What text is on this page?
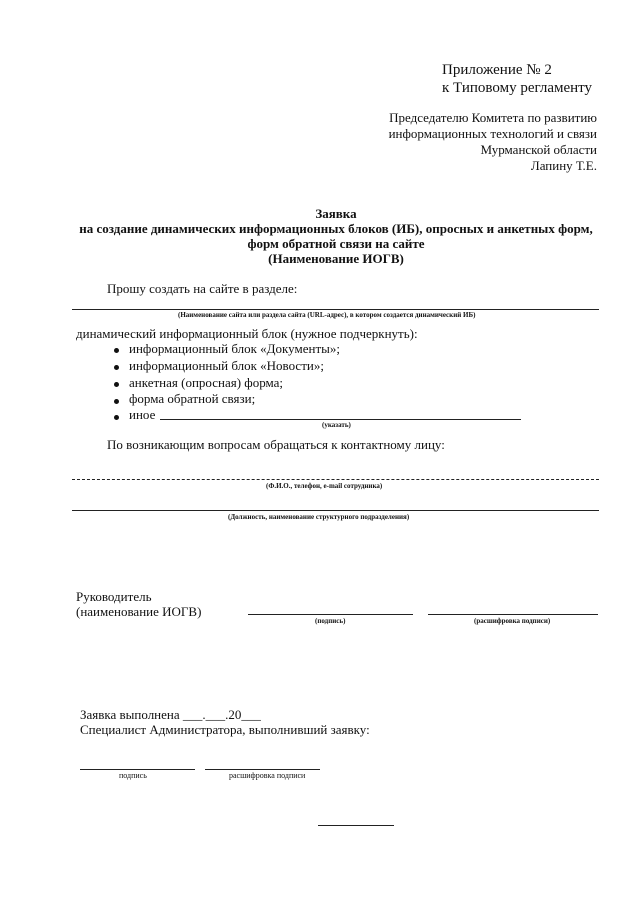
Приложение № 2
к Типовому регламенту
Председателю Комитета по развитию
информационных технологий и связи
Мурманской области
Лапину Т.Е.
Заявка
на создание динамических информационных блоков (ИБ), опросных и анкетных форм,
форм обратной связи на сайте
(Наименование ИОГВ)
Прошу создать на сайте в разделе:
(Наименование сайта или раздела сайта (URL-адрес), в котором создается динамический ИБ)
динамический информационный блок (нужное подчеркнуть):
информационный блок «Документы»;
информационный блок «Новости»;
анкетная (опросная) форма;
форма обратной связи;
иное
(указать)
По возникающим вопросам обращаться к контактному лицу:
(Ф.И.О., телефон, e-mail сотрудника)
(Должность, наименование структурного подразделения)
Руководитель
(наименование ИОГВ)
(подпись)	(расшифровка подписи)
Заявка выполнена ___.___.20___
Специалист Администратора, выполнивший заявку:
подпись	расшифровка подписи
